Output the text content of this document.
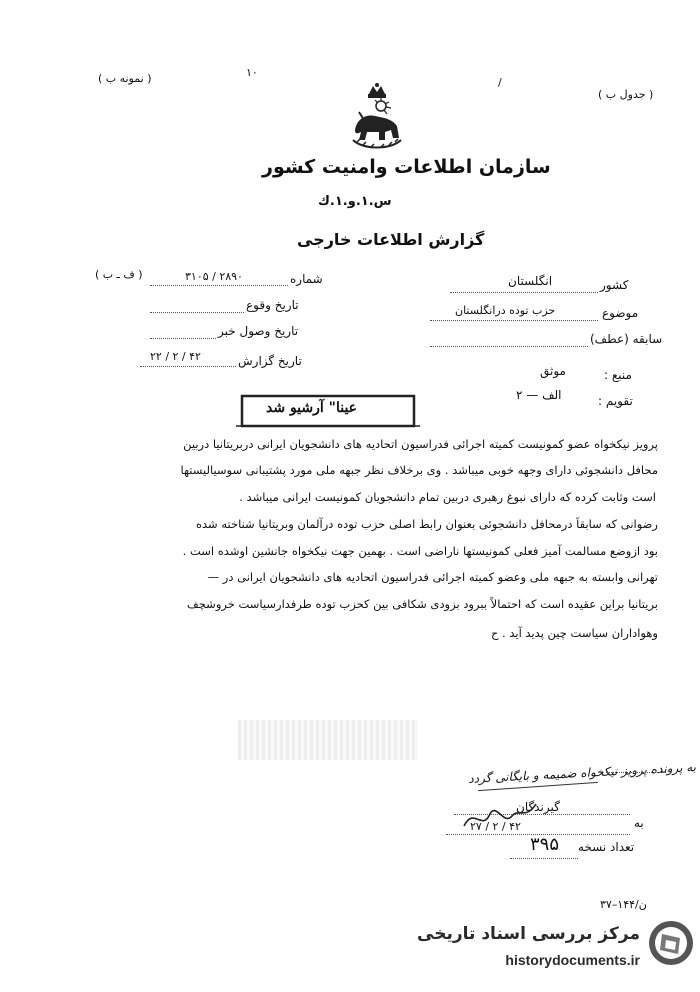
( نمونه ب )	۱۰
/
( جدول ب )
سازمان اطلاعات وامنیت کشور
س.۱.و.۱.ك
گزارش اطلاعات خارجی
کشور
انگلستان
موضوع
حزب توده درانگلستان
سابقه (عطف)
منبع :
موثق
تقویم :
الف — ۲
شماره
۳۱۰۵ / ۲۸۹۰
( ف ـ ب )
تاریخ وقوع
تاریخ وصول خبر
تاریخ گزارش
۲۲ / ۲ / ۴۲
عینا" آرشیو شد
پرویز نیکخواه عضو کمونیست کمیته اجرائی فدراسیون اتحادیه های دانشجویان ایرانی دربریتانیا دربین
محافل دانشجوئی دارای وجهه خوبی میباشد . وی برخلاف نظر جبهه ملی مورد پشتیبانی سوسیالیستها
است وثابت کرده که دارای نبوغ رهبری دربین تمام دانشجویان کمونیست ایرانی میباشد .
رضوانی که سابقاً درمحافل دانشجوئی بعنوان رابط اصلی حزب توده درآلمان وبریتانیا شناخته شده
بود ازوضع مسالمت آمیز فعلی کمونیستها ناراضی است . بهمین جهت نیکخواه جانشین اوشده است .
تهرانی وابسته به جبهه ملی وعضو کمیته اجرائی فدراسیون اتحادیه های دانشجویان ایرانی در —
بریتانیا براین عقیده است که احتمالاً ببرود بزودی شکافی بین کحزب توده طرفدارسیاست خروشچف
وهواداران سیاست چین پدید آید . ح
به پرونده پرویز نیکخواه ضمیمه و بایگانی گردد
گیرندگان
به
۲۷ / ۲ / ۴۲
تعداد نسخه
۳۹۵
۳۷–۱۴۴/ن
مرکز بررسی اسناد تاریخی
historydocuments.ir
